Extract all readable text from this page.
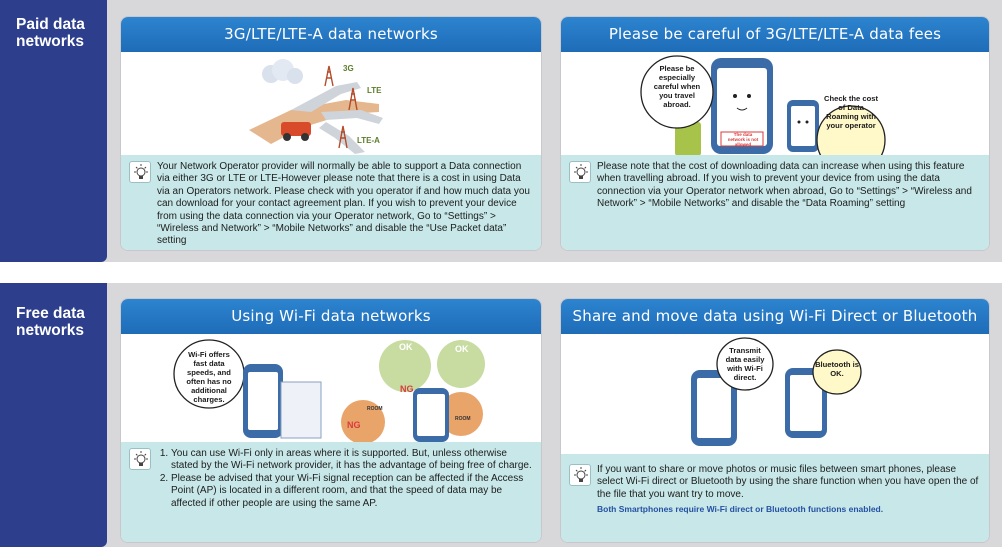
Paid data
networks	3G/LTE/LTE-A data networks
3G
LTE
LTE-A
Your Network Operator provider will normally be able to support a Data connection via either 3G or LTE or LTE-However please note that there is a cost in using Data via an Operators network. Please check with you operator if and how much data you can download for your contact agreement plan. If you wish to prevent your device from using the data connection via your Operator network, Go to “Settings” > “Wireless and Network” > “Mobile Networks” and disable the “Use Packet data” setting
Please be careful of 3G/LTE/LTE-A data fees
Please be especially careful when you travel abroad.
Check the cost of Data Roaming with your operator
The data network is not allowed
Please note that the cost of downloading data can increase when using this feature when travelling abroad. If you wish to prevent your device from using the data connection via your Operator network when abroad, Go to “Settings” > “Wireless and Network” > “Mobile Networks” and disable the “Data Roaming” setting
Free data
networks
Using Wi-Fi data networks
Wi-Fi offers fast data speeds, and often has no additional charges.
OK	OK
NG
NG
ROOM
ROOM
1. You can use Wi-Fi only in areas where it is supported. But, unless otherwise stated by the Wi-Fi network provider, it has the advantage of being free of charge.
2. Please be advised that your Wi-Fi signal reception can be affected if the Access Point (AP) is located in a different room, and that the speed of data may be affected if other people are using the same AP.
Share and move data using Wi-Fi Direct or Bluetooth
Transmit data easily with Wi-Fi direct.
Bluetooth is OK.
If you want to share or move photos or music files between smart phones, please select Wi-Fi direct or Bluetooth by using the share function when you have open the of the file that you want try to move.
Both Smartphones require Wi-Fi direct or Bluetooth functions enabled.
